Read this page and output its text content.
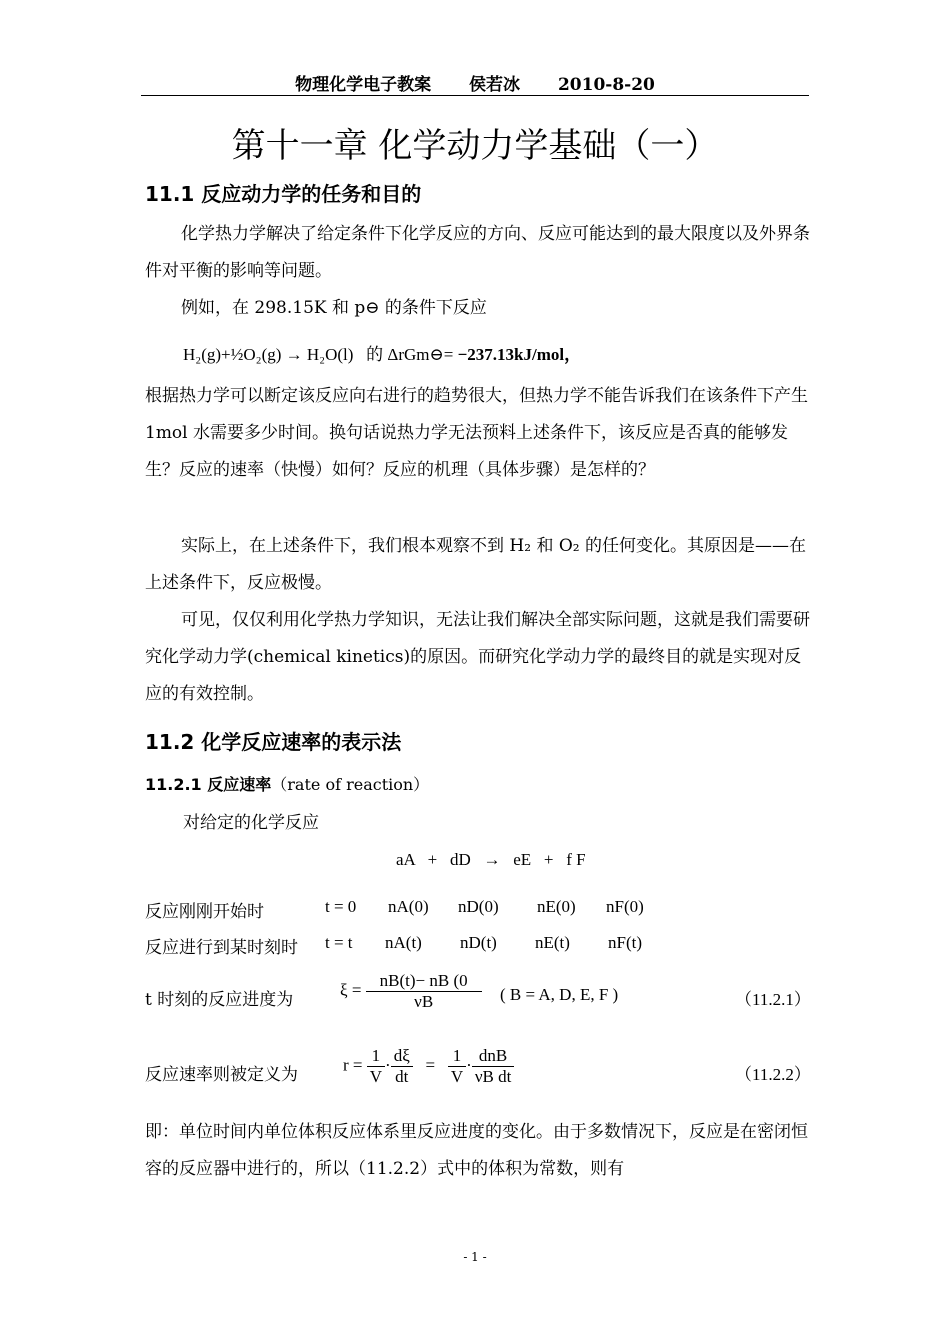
物理化学电子教案 侯若冰 2010-8-20
第十一章 化学动力学基础（一）
11.1 反应动力学的任务和目的
化学热力学解决了给定条件下化学反应的方向、反应可能达到的最大限度以及外界条件对平衡的影响等问题。
例如，在 298.15K 和 p⊖ 的条件下反应
H₂(g)+½O₂(g) → H₂O(l) 的 ΔrGm⊖= −237.13kJ/mol，
根据热力学可以断定该反应向右进行的趋势很大，但热力学不能告诉我们在该条件下产生 1mol 水需要多少时间。换句话说热力学无法预料上述条件下，该反应是否真的能够发生？反应的速率（快慢）如何？反应的机理（具体步骤）是怎样的？
实际上，在上述条件下，我们根本观察不到 H₂ 和 O₂ 的任何变化。其原因是——在上述条件下，反应极慢。
可见，仅仅利用化学热力学知识，无法让我们解决全部实际问题，这就是我们需要研究化学动力学(chemical kinetics)的原因。而研究化学动力学的最终目的就是实现对反应的有效控制。
11.2 化学反应速率的表示法
11.2.1 反应速率（rate of reaction）
对给定的化学反应
aA   +   dD   →   eE   +   f F
反应刚刚开始时	t = 0 nA(0) nD(0) nE(0) nF(0)
反应进行到某时刻时 t = t nA(t) nD(t) nE(t) nF(t)
t 时刻的反应进度为
$\xi = \frac{nB(t)- nB (0}{\nu B}$ ( B = A, D, E, F )	（11.2.1）
反应速率则被定义为
$r = \frac{1}{V} \cdot \frac{d\xi}{dt} = \frac{1}{V} \cdot \frac{\text{dnB}}{\text{νB dt}}$	（11.2.2）
即：单位时间内单位体积反应体系里反应进度的变化。由于多数情况下，反应是在密闭恒容的反应器中进行的，所以（11.2.2）式中的体积为常数，则有
- 1 -
